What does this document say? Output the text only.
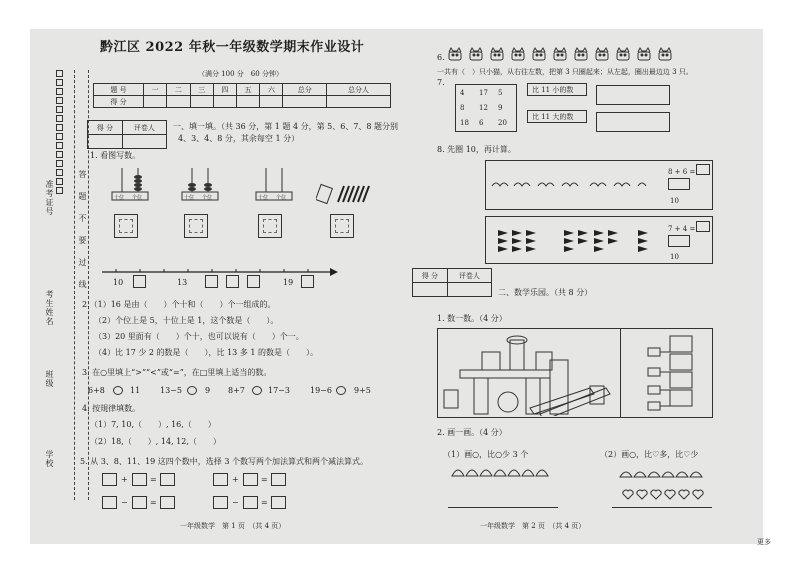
学校
班级
考生姓名
准考证号	答题不要过线
黔江区 2022 年秋一年级数学期末作业设计
（满分 100 分　60 分钟）
题 号	一	二	三	四	五	六	总分	总分人
得 分								
得 分	评卷人
	一、填一填。（共 36 分，第 1 题 4 分，第 5、6、7、8 题分别
4、3、4、8 分，其余每空 1 分）
1. 看图写数。
十位 个位	十位 个位	十位 个位
10	13	19
2.（1）16 是由（　　）个十和（　　）个一组成的。
（2）个位上是 5，十位上是 1，这个数是（　　）。
（3）20 里面有（　　）个十，也可以说有（　　）个一。
（4）比 17 少 2 的数是（　　），比 13 多 1 的数是（　　）。
3. 在○里填上“>”“<”或“=”，在□里填上适当的数。
6+8	11 13−5	9 8+7	17−3	19−6	9+5
4. 按規律填数。
（1）7, 10,（　　）, 16,（　　）
（2）18,（　　）, 14, 12,（　　）
5. 从 3、8、11、19 这四个数中，选择 3 个数写两个加法算式和两个减法算式。
+	=
−	=
+	=
−	=
一年级数学　第 1 页　（共 4 页）
6.
一共有（　）只小猫，从右往左数，把第 3 只圈起来；从左起，圈出最边边 3 只。
7.
4 17 5
8 12 9
18 6 20
比 11 小的数
比 11 大的数
8. 先圈 10，再计算。
8 + 6 =
10
7 + 4 =
10
得 分	评卷人

二、数学乐园。（共 8 分）
1. 数一数。（4 分）
2. 画一画。（4 分）
（1）画○，比○少 3 个	（2）画○，比♡多，比♡少
一年级数学　第 2 页　（共 4 页）
更多
